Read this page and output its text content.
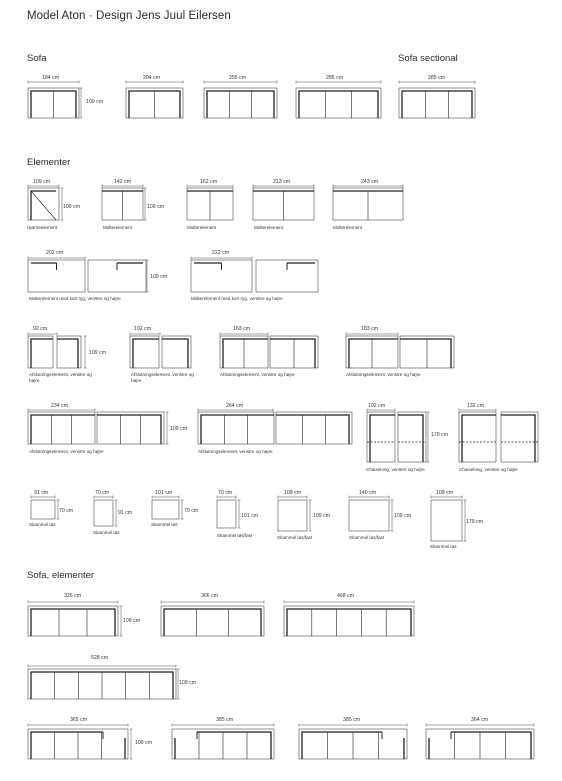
Model Aton · Design Jens Juul Eilersen
Sofa	Sofa sectional
Elementer
Sofa, elementer
184 cm	204 cm	255 cm	285 cm	285 cm
109 cm
109 cm	142 cm	162 cm	213 cm	243 cm
109 cm	109 cm
Hjørneelement	Midterelement	Midterelement	Midterelement	Midterelement
202 cm	222 cm
109 cm
Midterelement med kort ryg, venstre og højre	Midterelement med kort ryg, venstre og højre
92 cm	102 cm	163 cm	183 cm
109 cm
Afslutningselement, venstre og højre
Afslutningselement, venstre og højre
Afslutningselement, venstre og højre	Afslutningselement, venstre og højre
234 cm	264 cm	102 cm	132 cm
109 cm
179 cm
Afslutningselement, venstre og højre	Afslutningselement, venstre og højre
Chaiselong, venstre og højre	Chaiselong, venstre og højre
91 cm	70 cm	101 cm	70 cm	109 cm	140 cm	109 cm
70 cm	91 cm	70 cm
101 cm	109 cm	109 cm
179 cm
Skammel løs
Skammel løs
Skammel løs
Skammel løs/fast	Skammel løs/fast	Skammel løs/fast
Skammel løs
326 cm	366 cm	468 cm
109 cm
528 cm
109 cm
365 cm	385 cm	385 cm	364 cm
109 cm
